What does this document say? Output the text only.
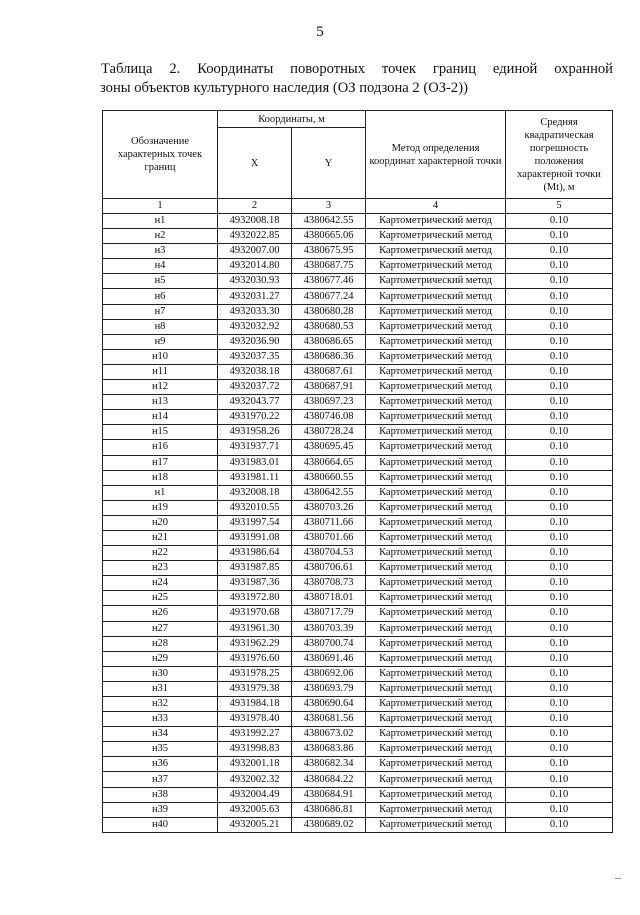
5
Таблица 2. Координаты поворотных точек границ единой охранной
зоны объектов культурного наследия (ОЗ подзона 2 (ОЗ-2))
Обозначение характерных точек границ	Координаты, м		Метод определения координат характерной точки	Средняя квадратическая погрешность положения характерной точки (Mt), м
	X	Y		
1	2	3	4	5
н1	4932008.18	4380642.55	Картометрический метод	0.10
н2	4932022.85	4380665.06	Картометрический метод	0.10
н3	4932007.00	4380675.95	Картометрический метод	0.10
н4	4932014.80	4380687.75	Картометрический метод	0.10
н5	4932030.93	4380677.46	Картометрический метод	0.10
н6	4932031.27	4380677.24	Картометрический метод	0.10
н7	4932033.30	4380680.28	Картометрический метод	0.10
н8	4932032.92	4380680.53	Картометрический метод	0.10
н9	4932036.90	4380686.65	Картометрический метод	0.10
н10	4932037.35	4380686.36	Картометрический метод	0.10
н11	4932038.18	4380687.61	Картометрический метод	0.10
н12	4932037.72	4380687.91	Картометрический метод	0.10
н13	4932043.77	4380697.23	Картометрический метод	0.10
н14	4931970.22	4380746.08	Картометрический метод	0.10
н15	4931958.26	4380728.24	Картометрический метод	0.10
н16	4931937.71	4380695.45	Картометрический метод	0.10
н17	4931983.01	4380664.65	Картометрический метод	0.10
н18	4931981.11	4380660.55	Картометрический метод	0.10
н1	4932008.18	4380642.55	Картометрический метод	0.10
н19	4932010.55	4380703.26	Картометрический метод	0.10
н20	4931997.54	4380711.66	Картометрический метод	0.10
н21	4931991.08	4380701.66	Картометрический метод	0.10
н22	4931986.64	4380704.53	Картометрический метод	0.10
н23	4931987.85	4380706.61	Картометрический метод	0.10
н24	4931987.36	4380708.73	Картометрический метод	0.10
н25	4931972.80	4380718.01	Картометрический метод	0.10
н26	4931970.68	4380717.79	Картометрический метод	0.10
н27	4931961.30	4380703.39	Картометрический метод	0.10
н28	4931962.29	4380700.74	Картометрический метод	0.10
н29	4931976.60	4380691.46	Картометрический метод	0.10
н30	4931978.25	4380692.06	Картометрический метод	0.10
н31	4931979.38	4380693.79	Картометрический метод	0.10
н32	4931984.18	4380690.64	Картометрический метод	0.10
н33	4931978.40	4380681.56	Картометрический метод	0.10
н34	4931992.27	4380673.02	Картометрический метод	0.10
н35	4931998.83	4380683.86	Картометрический метод	0.10
н36	4932001.18	4380682.34	Картометрический метод	0.10
н37	4932002.32	4380684.22	Картометрический метод	0.10
н38	4932004.49	4380684.91	Картометрический метод	0.10
н39	4932005.63	4380686.81	Картометрический метод	0.10
н40	4932005.21	4380689.02	Картометрический метод	0.10
